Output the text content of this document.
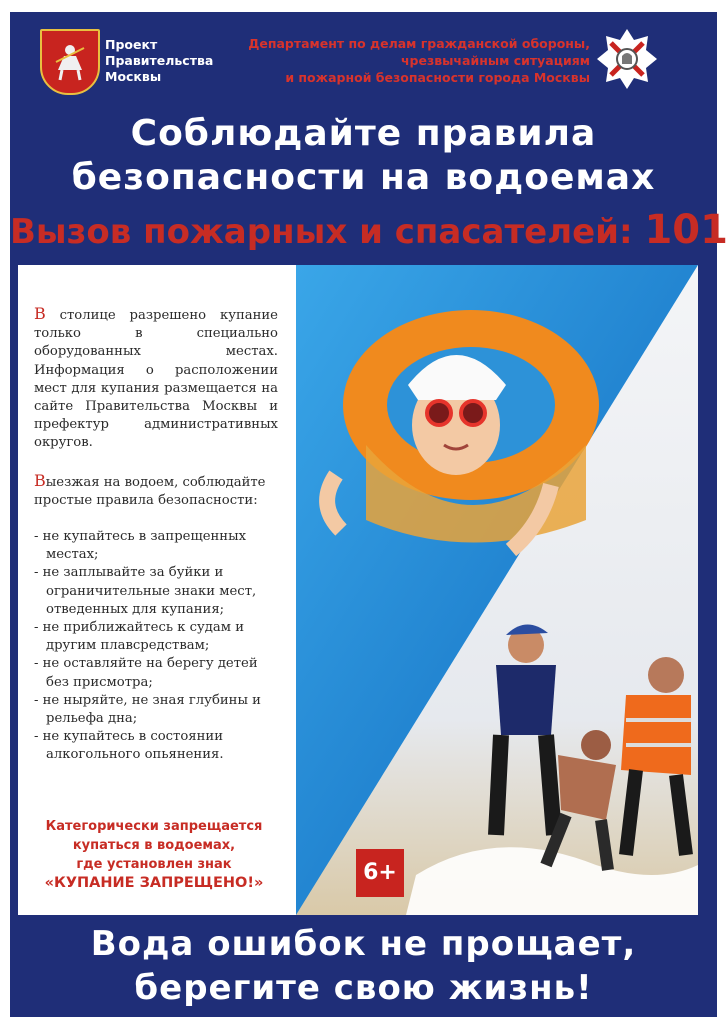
Проект
Правительства
Москвы
Департамент по делам гражданской обороны,
чрезвычайным ситуациям
и пожарной безопасности города Москвы
Соблюдайте правила
безопасности на водоемах
Вызов пожарных и спасателей: 101
В столице разрешено купание только в специально оборудованных местах. Информация о расположении мест для купания размещается на сайте Правительства Москвы и префектур административных округов.
Выезжая на водоем, соблюдайте простые правила безопасности:
- не купайтесь в запрещенных местах;
- не заплывайте за буйки и ограничительные знаки мест, отведенных для купания;
- не приближайтесь к судам и другим плавсредствам;
- не оставляйте на берегу детей без присмотра;
- не ныряйте, не зная глубины и рельефа дна;
- не купайтесь в состоянии алкогольного опьянения.
Категорически запрещается
купаться в водоемах,
где установлен знак
«КУПАНИЕ ЗАПРЕЩЕНО!»	6+
Вода ошибок не прощает,
берегите свою жизнь!
